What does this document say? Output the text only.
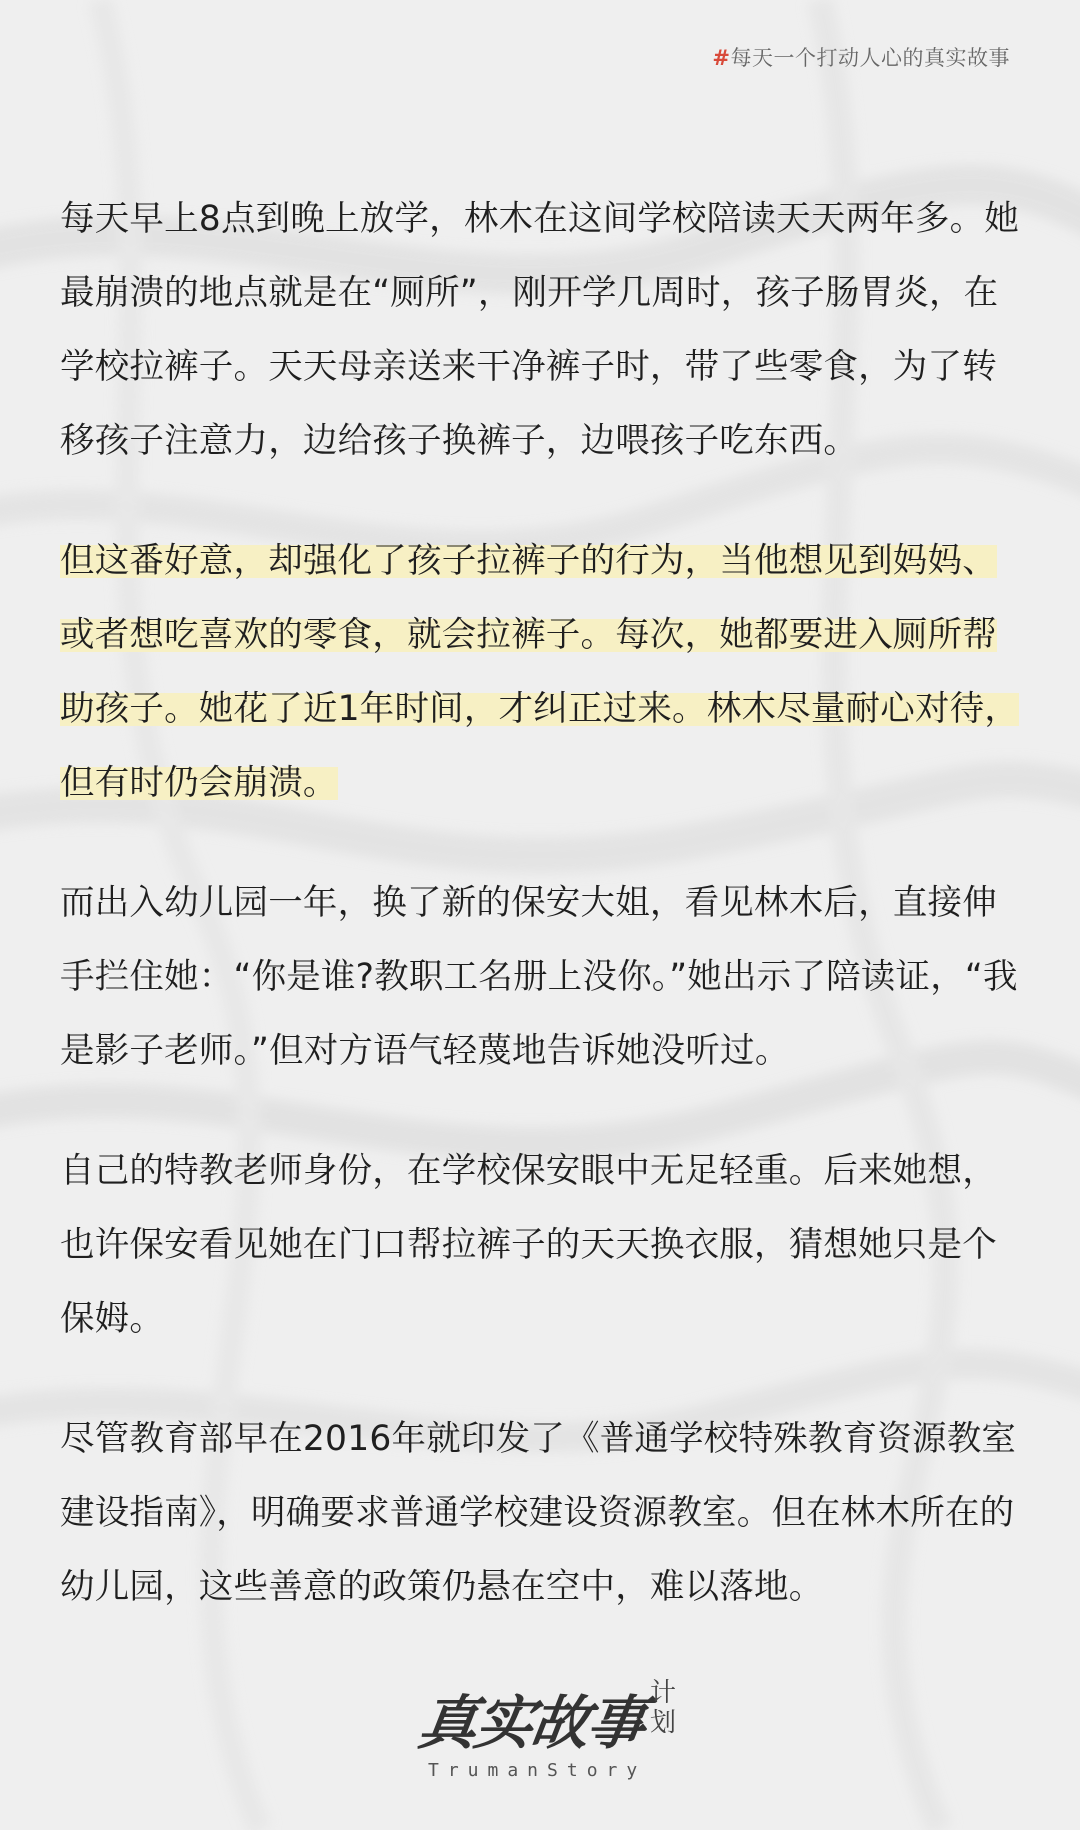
#每天一个打动人心的真实故事

每天早上8点到晚上放学，林木在这间学校陪读天天两年多。她最崩溃的地点就是在“厕所”，刚开学几周时，孩子肠胃炎，在学校拉裤子。天天母亲送来干净裤子时，带了些零食，为了转移孩子注意力，边给孩子换裤子，边喂孩子吃东西。

但这番好意，却强化了孩子拉裤子的行为，当他想见到妈妈、或者想吃喜欢的零食，就会拉裤子。每次，她都要进入厕所帮助孩子。她花了近1年时间，才纠正过来。林木尽量耐心对待，但有时仍会崩溃。

而出入幼儿园一年，换了新的保安大姐，看见林木后，直接伸手拦住她：“你是谁?教职工名册上没你。”她出示了陪读证，“我是影子老师。”但对方语气轻蔑地告诉她没听过。

自己的特教老师身份，在学校保安眼中无足轻重。后来她想，也许保安看见她在门口帮拉裤子的天天换衣服，猜想她只是个保姆。

尽管教育部早在2016年就印发了《普通学校特殊教育资源教室建设指南》，明确要求普通学校建设资源教室。但在林木所在的幼儿园，这些善意的政策仍悬在空中，难以落地。

真实故事 计划
TrumanStory
